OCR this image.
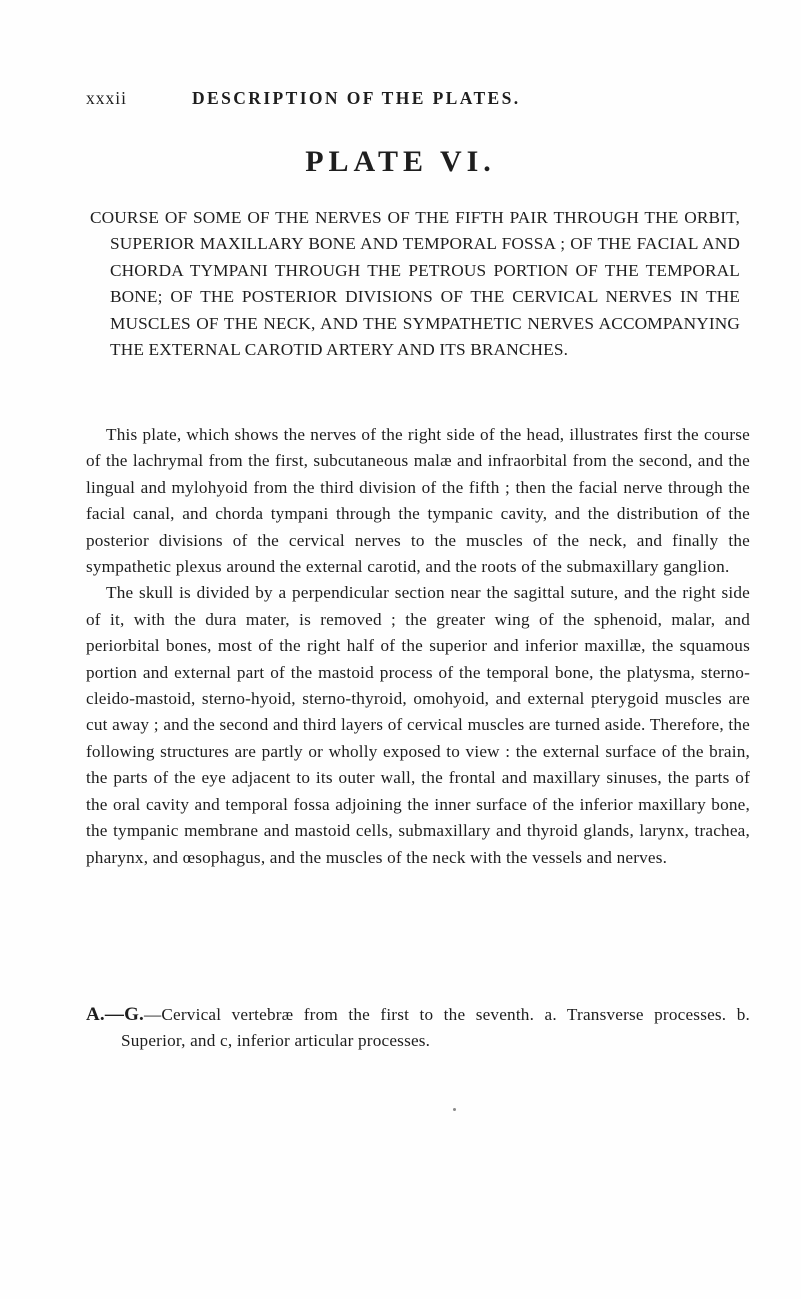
xxxii	DESCRIPTION OF THE PLATES.
PLATE VI.
COURSE OF SOME OF THE NERVES OF THE FIFTH PAIR THROUGH THE ORBIT, SUPERIOR MAXILLARY BONE AND TEMPORAL FOSSA ; OF THE FACIAL AND CHORDA TYMPANI THROUGH THE PETROUS PORTION OF THE TEMPORAL BONE; OF THE POSTERIOR DIVISIONS OF THE CERVICAL NERVES IN THE MUSCLES OF THE NECK, AND THE SYMPATHETIC NERVES ACCOMPANYING THE EXTERNAL CAROTID ARTERY AND ITS BRANCHES.

This plate, which shows the nerves of the right side of the head, illustrates first the course of the lachrymal from the first, subcutaneous malæ and infraorbital from the second, and the lingual and mylohyoid from the third division of the fifth ; then the facial nerve through the facial canal, and chorda tympani through the tympanic cavity, and the distribution of the posterior divisions of the cervical nerves to the muscles of the neck, and finally the sympathetic plexus around the external carotid, and the roots of the submaxillary ganglion.

The skull is divided by a perpendicular section near the sagittal suture, and the right side of it, with the dura mater, is removed ; the greater wing of the sphenoid, malar, and periorbital bones, most of the right half of the superior and inferior maxillæ, the squamous portion and external part of the mastoid process of the temporal bone, the platysma, sterno-cleido-mastoid, sterno-hyoid, sterno-thyroid, omohyoid, and external pterygoid muscles are cut away ; and the second and third layers of cervical muscles are turned aside. Therefore, the following structures are partly or wholly exposed to view : the external surface of the brain, the parts of the eye adjacent to its outer wall, the frontal and maxillary sinuses, the parts of the oral cavity and temporal fossa adjoining the inner surface of the inferior maxillary bone, the tympanic membrane and mastoid cells, submaxillary and thyroid glands, larynx, trachea, pharynx, and œsophagus, and the muscles of the neck with the vessels and nerves.

A.—G.—Cervical vertebræ from the first to the seventh. a. Transverse processes. b. Superior, and c, inferior articular processes.
